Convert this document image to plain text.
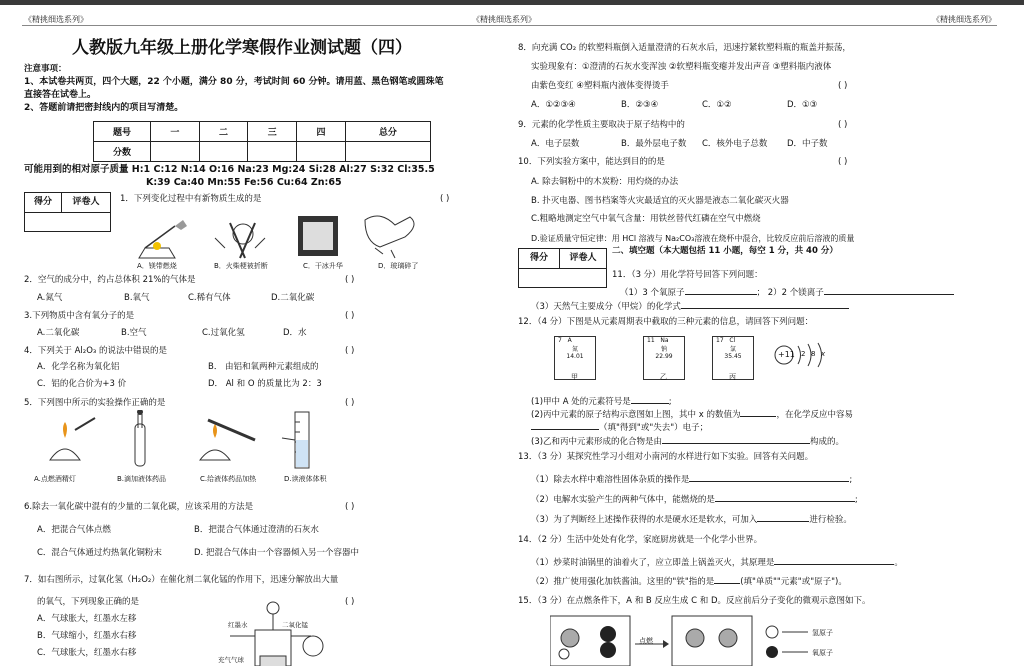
《精挑细选系列》	《精挑细选系列》	《精挑细选系列》
人教版九年级上册化学寒假作业测试题（四）
注意事项：
1、本试卷共两页，四个大题，22 个小题，满分 80 分，考试时间 60 分钟。请用蓝、黑色钢笔或圆珠笔
直接答在试卷上。
2、答题前请把密封线内的项目写清楚。
题号	一	二	三	四	总分
分数					
可能用到的相对原子质量 H:1 C:12 N:14 O:16 Na:23 Mg:24 Si:28 Al:27 S:32 Cl:35.5
K:39 Ca:40 Mn:55 Fe:56 Cu:64 Zn:65
得分	评卷人	1．下列变化过程中有新物质生成的是	( )
A．镁带燃烧	B．火柴梗被折断	C．干冰升华	D．玻璃碎了
2．空气的成分中，约占总体积 21%的气体是	( )
A.氮气	B.氧气	C.稀有气体	D.二氧化碳
3.下列物质中含有氧分子的是	( )
A.二氧化碳	B.空气	C.过氧化氢	D．水
4．下列关于 Al₂O₃ 的说法中错误的是	( )
A．化学名称为氧化铝	B． 由铝和氧两种元素组成的
C．铝的化合价为+3 价	D． Al 和 O 的质量比为 2：3
5．下列图中所示的实验操作正确的是	( )
A.点燃酒精灯	B.滴加液体药品	C.给液体药品加热	D.读液体体积
6.除去一氧化碳中混有的少量的二氧化碳，应该采用的方法是	( )
A．把混合气体点燃	B．把混合气体通过澄清的石灰水
C．混合气体通过灼热氧化铜粉末	D. 把混合气体由一个容器倾入另一个容器中
7．如右图所示，过氧化氢（H₂O₂）在催化剂二氧化锰的作用下，迅速分解放出大量
的氧气，下列现象正确的是	( )
A．气球胀大，红墨水左移
B．气球缩小，红墨水右移
C．气球胀大，红墨水右移
红墨水	二氧化锰
充气气球
8．向充满 CO₂ 的软塑料瓶倒入适量澄清的石灰水后，迅速拧紧软塑料瓶的瓶盖并振荡，
实验现象有：①澄清的石灰水变浑浊 ②软塑料瓶变瘪并发出声音 ③塑料瓶内液体
由紫色变红 ④塑料瓶内液体变得烫手	( )
A．①②③④	B．②③④	C．①②	D．①③
9．元素的化学性质主要取决于原子结构中的	( )
A．电子层数	B．最外层电子数 C．核外电子总数 D．中子数
10．下列实验方案中，能达到目的的是	( )
A. 除去铜粉中的木炭粉：用灼烧的办法
B. 扑灭电器、图书档案等火灾最适宜的灭火器是液态二氧化碳灭火器
C.粗略地测定空气中氧气含量：用铁丝替代红磷在空气中燃烧
D.验证质量守恒定律：用 HCl 溶液与 Na₂CO₃溶液在烧杯中混合，比较反应前后溶液的质量
得分	评卷人
二、填空题（本大题包括 11 小题，每空 1 分，共 40 分）
11．（3 分）用化学符号回答下列问题：
（1）3 个氧原子	； 2）2 个镁离子
（3）天然气主要成分（甲烷）的化学式
12．（4 分）下图是从元素周期表中截取的三种元素的信息，请回答下列问题：
7 A
氮
14.01
11 Na
钠
22.99
17 Cl
氯
35.45
甲	乙	丙
+11 2 8 x
(1)甲中 A 处的元素符号是	;
(2)丙中元素的原子结构示意图如上图，其中 x 的数值为	，在化学反应中容易
（填"得到"或"失去"）电子；
(3)乙和丙中元素形成的化合物是由	构成的。
13．（3 分）某探究性学习小组对小南河的水样进行如下实验。回答有关问题。
（1）除去水样中难溶性固体杂质的操作是	;
（2）电解水实验产生的两种气体中，能燃烧的是	;
（3）为了判断经上述操作获得的水是硬水还是软水，可加入	进行检验。
14．（2 分）生活中处处有化学，家庭厨房就是一个化学小世界。
（1）炒菜时油锅里的油着火了，应立即盖上锅盖灭火，其原理是	。
（2）推广使用强化加铁酱油。这里的"铁"指的是	(填"单质""元素"或"原子")。
15．（3 分）在点燃条件下，A 和 B 反应生成 C 和 D。反应前后分子变化的微观示意图如下。
点燃
氢原子
氧原子
